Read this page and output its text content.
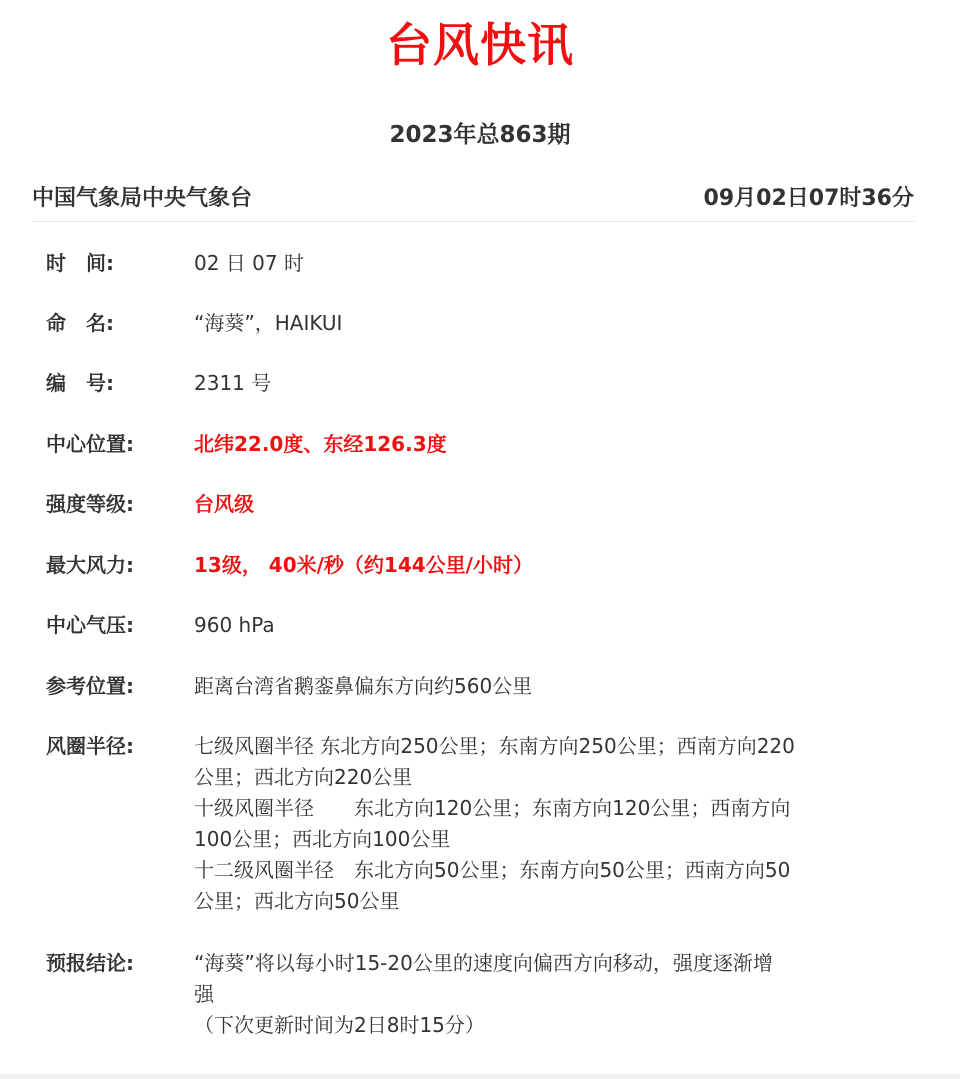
台风快讯
2023年总863期
中国气象局中央气象台	09月02日07时36分
时　间:	02 日 07 时
命　名:	“海葵”，HAIKUI
编　号:	2311 号
中心位置:	北纬22.0度、东经126.3度
强度等级:	台风级
最大风力:	13级， 40米/秒（约144公里/小时）
中心气压:	960 hPa
参考位置:	距离台湾省鹅銮鼻偏东方向约560公里
风圈半径:	七级风圈半径 东北方向250公里；东南方向250公里；西南方向220
公里；西北方向220公里
十级风圈半径　　东北方向120公里；东南方向120公里；西南方向
100公里；西北方向100公里
十二级风圈半径　东北方向50公里；东南方向50公里；西南方向50
公里；西北方向50公里
预报结论:	“海葵”将以每小时15-20公里的速度向偏西方向移动，强度逐渐增
强
（下次更新时间为2日8时15分）
